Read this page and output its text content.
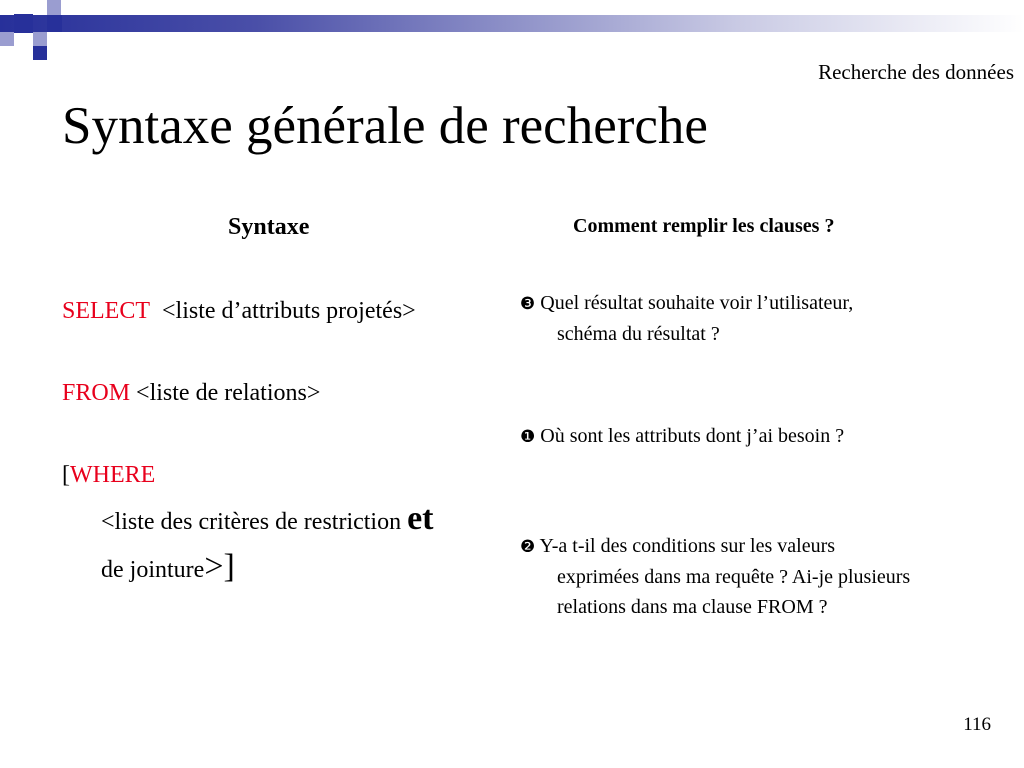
Recherche des données
Syntaxe générale de recherche
Syntaxe	Comment remplir les clauses ?
SELECT <liste d’attributs projetés>
FROM <liste de relations>
[WHERE
<liste des critères de restriction et
de jointure>]
❸ Quel résultat souhaite voir l’utilisateur,
schéma du résultat ?
❶ Où sont les attributs dont j’ai besoin ?
❷ Y-a t-il des conditions sur les valeurs
exprimées dans ma requête ? Ai-je plusieurs relations dans ma clause FROM ?
116
